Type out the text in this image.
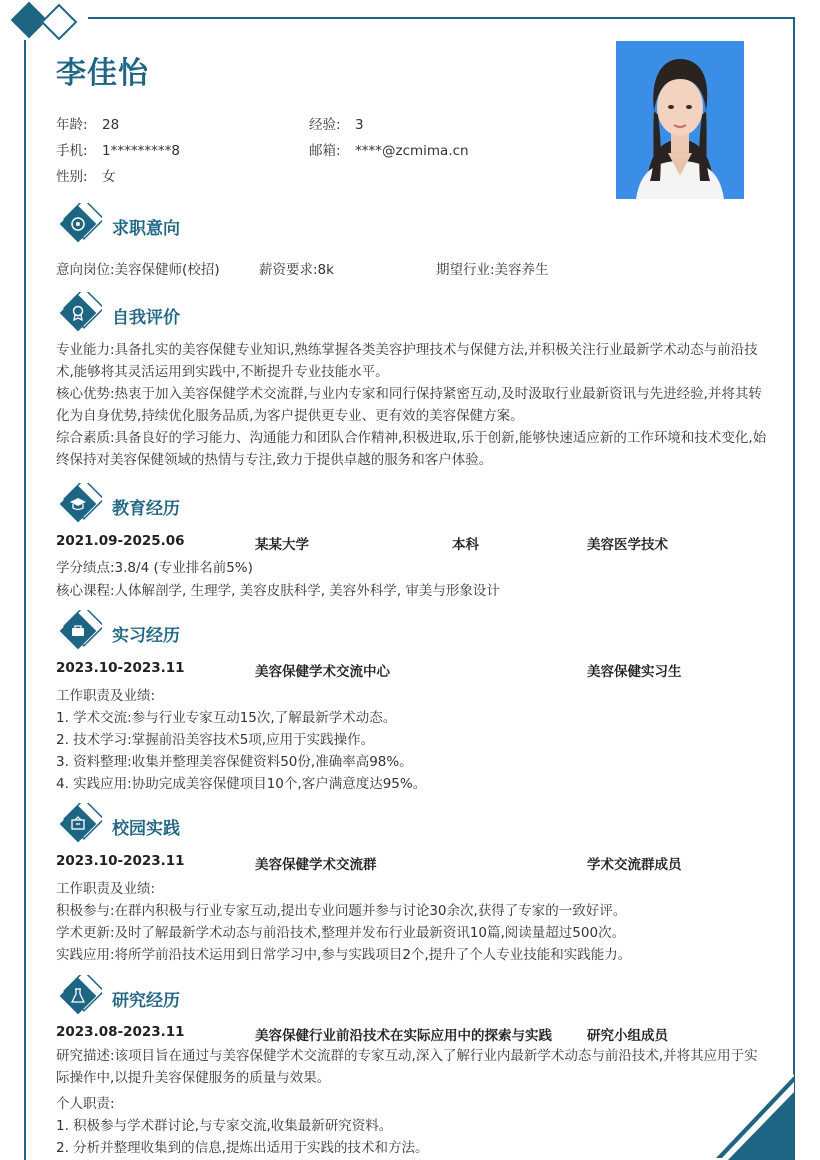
李佳怡
年龄: 28	经验: 3
手机: 1*********8	邮箱: ****@zcmima.cn
性别: 女
求职意向
意向岗位:美容保健师(校招)	薪资要求:8k	期望行业:美容养生
自我评价
专业能力:具备扎实的美容保健专业知识,熟练掌握各类美容护理技术与保健方法,并积极关注行业最新学术动态与前沿技术,能够将其灵活运用到实践中,不断提升专业技能水平。
核心优势:热衷于加入美容保健学术交流群,与业内专家和同行保持紧密互动,及时汲取行业最新资讯与先进经验,并将其转化为自身优势,持续优化服务品质,为客户提供更专业、更有效的美容保健方案。
综合素质:具备良好的学习能力、沟通能力和团队合作精神,积极进取,乐于创新,能够快速适应新的工作环境和技术变化,始终保持对美容保健领域的热情与专注,致力于提供卓越的服务和客户体验。
教育经历
2021.09-2025.06	某某大学	本科	美容医学技术
学分绩点:3.8/4 (专业排名前5%)
核心课程:人体解剖学, 生理学, 美容皮肤科学, 美容外科学, 审美与形象设计
实习经历
2023.10-2023.11	美容保健学术交流中心	美容保健实习生
工作职责及业绩:
1. 学术交流:参与行业专家互动15次,了解最新学术动态。
2. 技术学习:掌握前沿美容技术5项,应用于实践操作。
3. 资料整理:收集并整理美容保健资料50份,准确率高98%。
4. 实践应用:协助完成美容保健项目10个,客户满意度达95%。
校园实践
2023.10-2023.11	美容保健学术交流群	学术交流群成员
工作职责及业绩:
积极参与:在群内积极与行业专家互动,提出专业问题并参与讨论30余次,获得了专家的一致好评。
学术更新:及时了解最新学术动态与前沿技术,整理并发布行业最新资讯10篇,阅读量超过500次。
实践应用:将所学前沿技术运用到日常学习中,参与实践项目2个,提升了个人专业技能和实践能力。
研究经历
2023.08-2023.11	美容保健行业前沿技术在实际应用中的探索与实践	研究小组成员
研究描述:该项目旨在通过与美容保健学术交流群的专家互动,深入了解行业内最新学术动态与前沿技术,并将其应用于实际操作中,以提升美容保健服务的质量与效果。
个人职责:
1. 积极参与学术群讨论,与专家交流,收集最新研究资料。
2. 分析并整理收集到的信息,提炼出适用于实践的技术和方法。
